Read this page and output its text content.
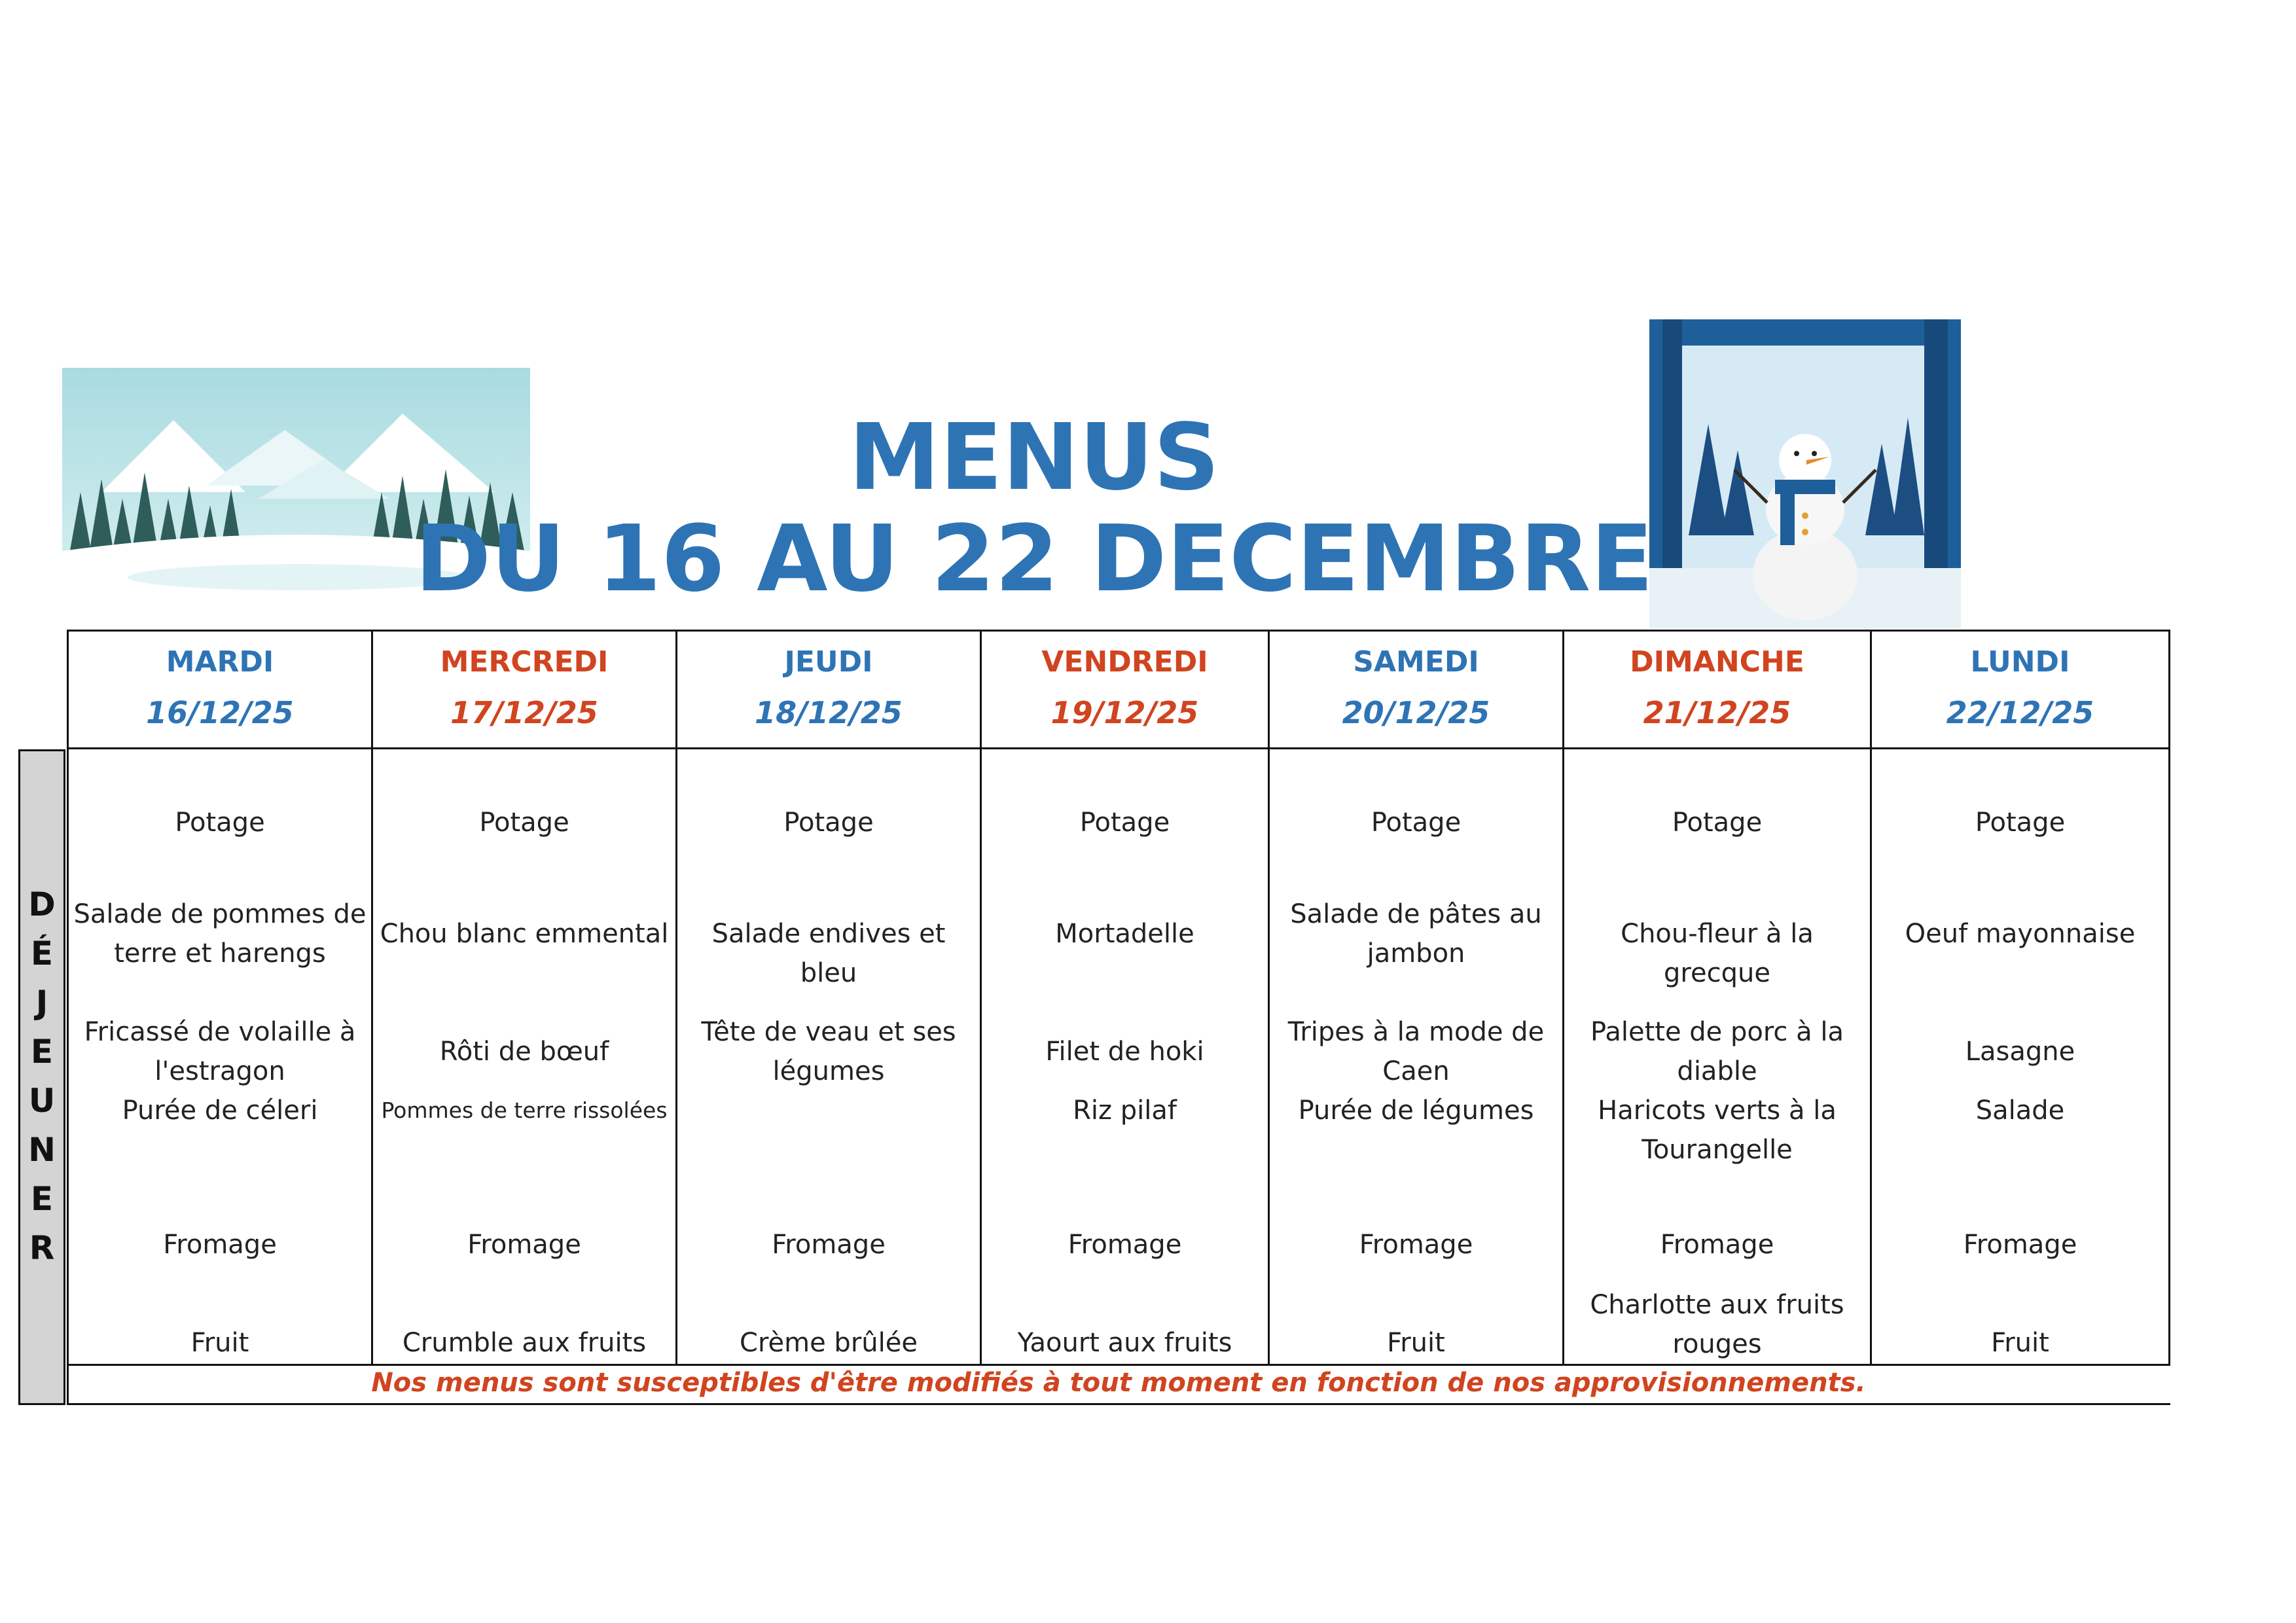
MENUS
DU 16 AU 22 DECEMBRE
MARDI
16/12/25
Potage
Salade de pommes de terre et harengs
Fricassé de volaille à l'estragon
Purée de céleri
Fromage
Fruit
MERCREDI
17/12/25
Potage
Chou blanc emmental
Rôti de bœuf
Pommes de terre rissolées
Fromage
Crumble aux fruits
JEUDI
18/12/25
Potage
Salade endives et bleu
Tête de veau et ses légumes
Fromage
Crème brûlée
VENDREDI
19/12/25
Potage
Mortadelle
Filet de hoki
Riz pilaf
Fromage
Yaourt aux fruits
SAMEDI
20/12/25
Potage
Salade de pâtes au jambon
Tripes à la mode de Caen
Purée de légumes
Fromage
Fruit
DIMANCHE
21/12/25
Potage
Chou-fleur à la grecque
Palette de porc à la diable
Haricots verts à la Tourangelle
Fromage
Charlotte aux fruits rouges
LUNDI
22/12/25
Potage
Oeuf mayonnaise
Lasagne
Salade
Fromage
Fruit
D
É
J
E
U
N
E
R
Nos menus sont susceptibles d'être modifiés à tout moment en fonction de nos approvisionnements.
